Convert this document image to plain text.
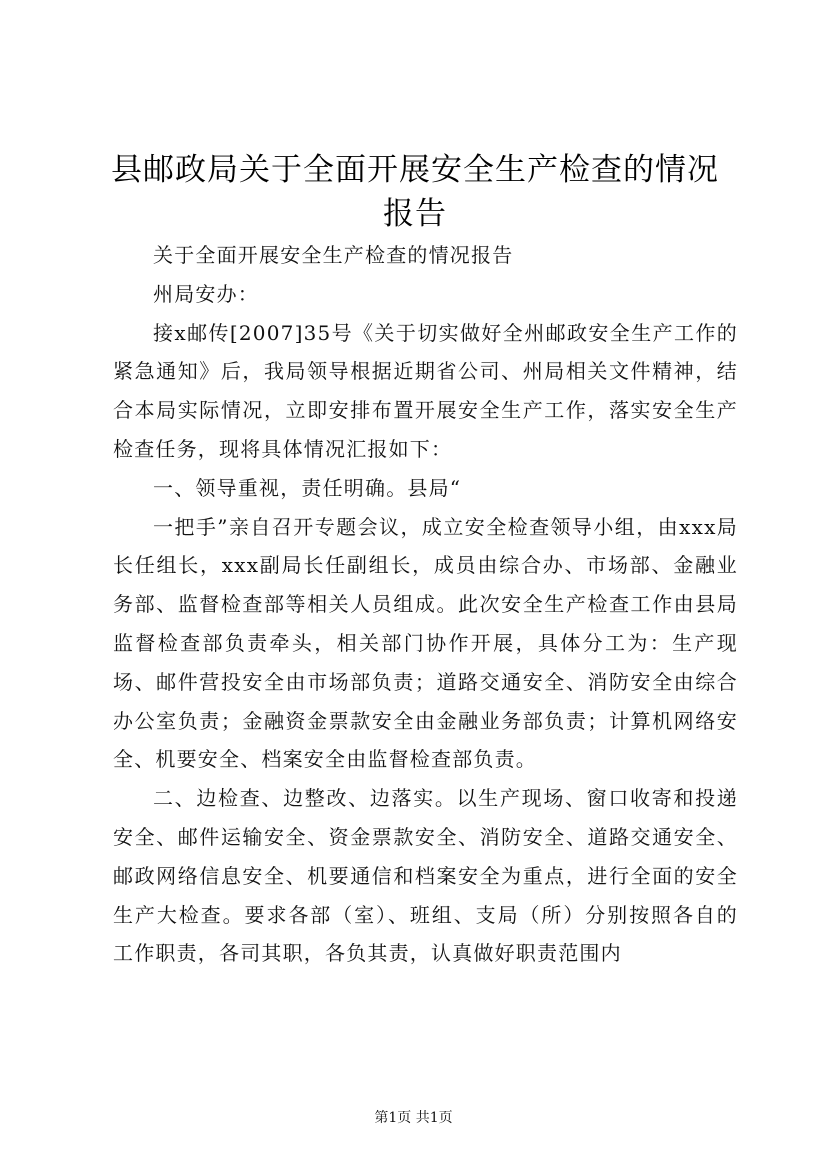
县邮政局关于全面开展安全生产检查的情况报告

关于全面开展安全生产检查的情况报告

州局安办：

接x邮传[2007]35号《关于切实做好全州邮政安全生产工作的紧急通知》后，我局领导根据近期省公司、州局相关文件精神，结合本局实际情况，立即安排布置开展安全生产工作，落实安全生产检查任务，现将具体情况汇报如下：

一、领导重视，责任明确。县局“

一把手”亲自召开专题会议，成立安全检查领导小组，由xxx局长任组长，xxx副局长任副组长，成员由综合办、市场部、金融业务部、监督检查部等相关人员组成。此次安全生产检查工作由县局监督检查部负责牵头，相关部门协作开展，具体分工为：生产现场、邮件营投安全由市场部负责；道路交通安全、消防安全由综合办公室负责；金融资金票款安全由金融业务部负责；计算机网络安全、机要安全、档案安全由监督检查部负责。

二、边检查、边整改、边落实。以生产现场、窗口收寄和投递安全、邮件运输安全、资金票款安全、消防安全、道路交通安全、邮政网络信息安全、机要通信和档案安全为重点，进行全面的安全生产大检查。要求各部（室）、班组、支局（所）分别按照各自的工作职责，各司其职，各负其责，认真做好职责范围内

第1页 共1页
